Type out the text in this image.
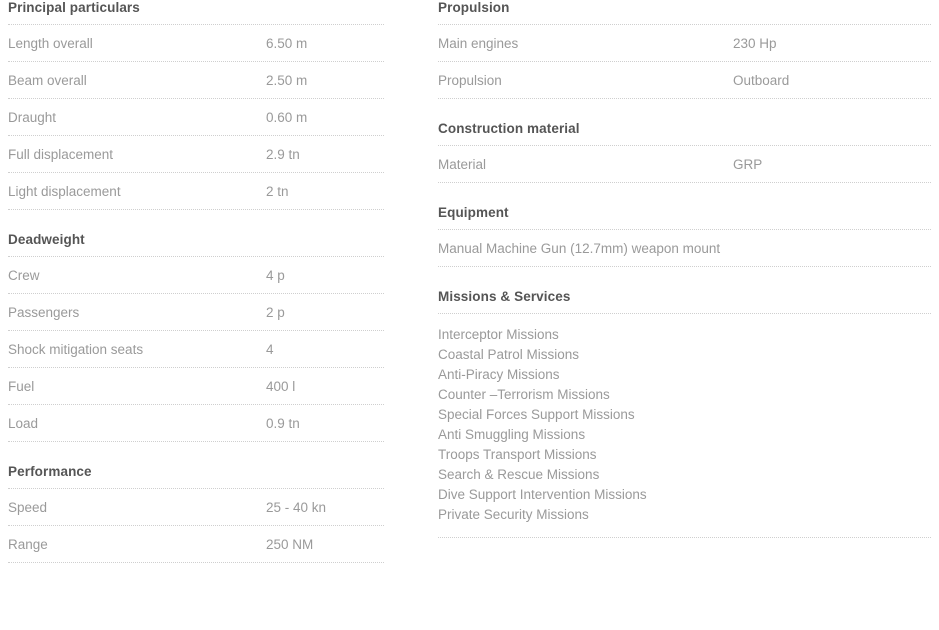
Principal particulars
Length overall	6.50 m
Beam overall	2.50 m
Draught	0.60 m
Full displacement	2.9 tn
Light displacement	2 tn
Deadweight
Crew	4 p
Passengers	2 p
Shock mitigation seats	4
Fuel	400 l
Load	0.9 tn
Performance
Speed	25 - 40 kn
Range	250 NM
Propulsion
Main engines	230 Hp
Propulsion	Outboard
Construction material
Material	GRP
Equipment
Manual Machine Gun (12.7mm) weapon mount
Missions & Services
Interceptor Missions
Coastal Patrol Missions
Anti-Piracy Missions
Counter –Terrorism Missions
Special Forces Support Missions
Anti Smuggling Missions
Troops Transport Missions
Search & Rescue Missions
Dive Support Intervention Missions
Private Security Missions
